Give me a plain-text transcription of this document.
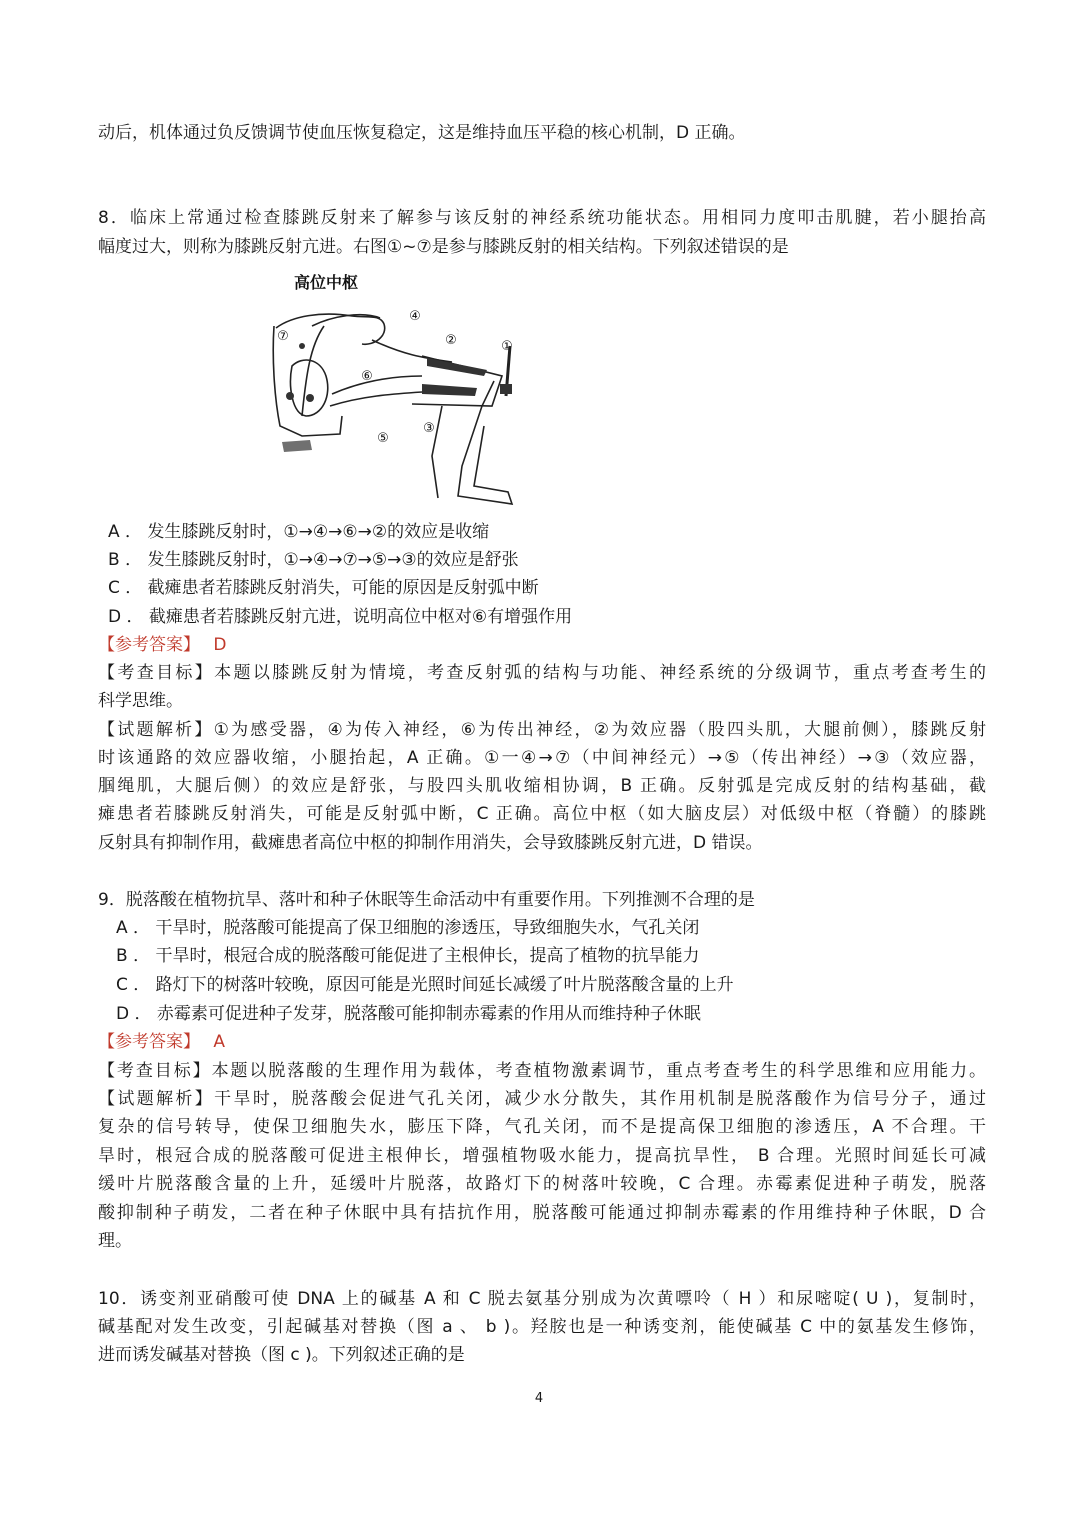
动后，机体通过负反馈调节使血压恢复稳定，这是维持血压平稳的核心机制，D 正确。
8．临床上常通过检查膝跳反射来了解参与该反射的神经系统功能状态。用相同力度叩击肌腱，若小腿抬高
幅度过大，则称为膝跳反射亢进。右图①~⑦是参与膝跳反射的相关结构。下列叙述错误的是
高位中枢
①
②
③
④
⑤
⑥
⑦
A ． 发生膝跳反射时，①→④→⑥→②的效应是收缩
B ． 发生膝跳反射时，①→④→⑦→⑤→③的效应是舒张
C ． 截瘫患者若膝跳反射消失，可能的原因是反射弧中断
D ． 截瘫患者若膝跳反射亢进，说明高位中枢对⑥有增强作用
【参考答案】 D
【考查目标】本题以膝跳反射为情境，考查反射弧的结构与功能、神经系统的分级调节，重点考查考生的
科学思维。
【试题解析】①为感受器，④为传入神经，⑥为传出神经，②为效应器（股四头肌，大腿前侧），膝跳反射
时该通路的效应器收缩，小腿抬起，A 正确。①一④→⑦（中间神经元）→⑤（传出神经）→③（效应器，
腘绳肌，大腿后侧）的效应是舒张，与股四头肌收缩相协调，B 正确。反射弧是完成反射的结构基础，截
瘫患者若膝跳反射消失，可能是反射弧中断，C 正确。高位中枢（如大脑皮层）对低级中枢（脊髓）的膝跳
反射具有抑制作用，截瘫患者高位中枢的抑制作用消失，会导致膝跳反射亢进，D 错误。
9．脱落酸在植物抗旱、落叶和种子休眠等生命活动中有重要作用。下列推测不合理的是
A ． 干旱时，脱落酸可能提高了保卫细胞的渗透压，导致细胞失水，气孔关闭
B ． 干旱时，根冠合成的脱落酸可能促进了主根伸长，提高了植物的抗旱能力
C ． 路灯下的树落叶较晚，原因可能是光照时间延长减缓了叶片脱落酸含量的上升
D ． 赤霉素可促进种子发芽，脱落酸可能抑制赤霉素的作用从而维持种子休眠
【参考答案】 A
【考查目标】本题以脱落酸的生理作用为载体，考查植物激素调节，重点考查考生的科学思维和应用能力。
【试题解析】干旱时，脱落酸会促进气孔关闭，减少水分散失，其作用机制是脱落酸作为信号分子，通过
复杂的信号转导，使保卫细胞失水，膨压下降，气孔关闭，而不是提高保卫细胞的渗透压，A 不合理。干
旱时，根冠合成的脱落酸可促进主根伸长，增强植物吸水能力，提高抗旱性， B 合理。光照时间延长可减
缓叶片脱落酸含量的上升，延缓叶片脱落，故路灯下的树落叶较晚，C 合理。赤霉素促进种子萌发，脱落
酸抑制种子萌发，二者在种子休眠中具有拮抗作用，脱落酸可能通过抑制赤霉素的作用维持种子休眠，D 合
理。
10．诱变剂亚硝酸可使 DNA 上的碱基 A 和 C 脱去氨基分别成为次黄嘌呤（ H ）和尿嘧啶( U )，复制时，
碱基配对发生改变，引起碱基对替换（图 a 、 b )。羟胺也是一种诱变剂，能使碱基 C 中的氨基发生修饰，
进而诱发碱基对替换（图 c )。下列叙述正确的是
4
